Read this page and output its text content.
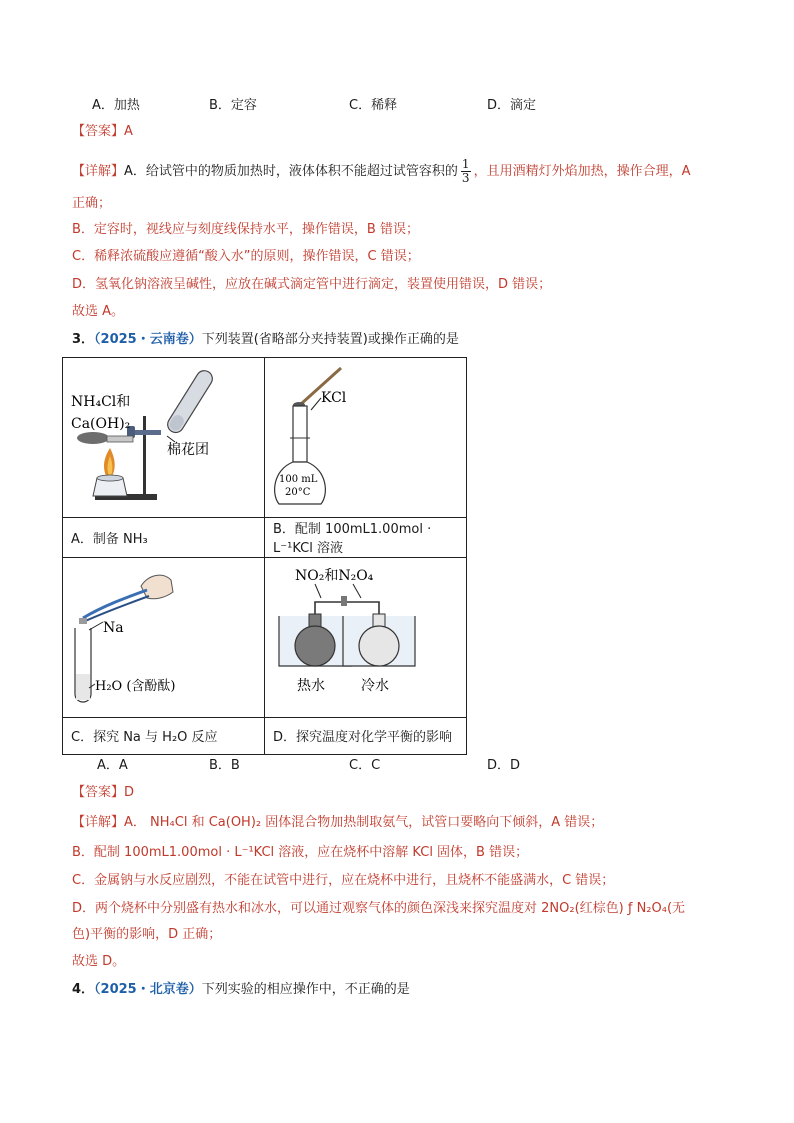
A．加热	B．定容	C．稀释	D．滴定
【答案】A
【详解】A．给试管中的物质加热时，液体体积不能超过试管容积的 $\frac{1}{3}$ ，且用酒精灯外焰加热，操作合理，A
正确；
B．定容时，视线应与刻度线保持水平，操作错误，B 错误；
C．稀释浓硫酸应遵循“酸入水”的原则，操作错误，C 错误；
D．氢氧化钠溶液呈碱性，应放在碱式滴定管中进行滴定，装置使用错误，D 错误；
故选 A。
3．（2025・云南卷）下列装置(省略部分夹持装置)或操作正确的是
NH₄Cl和
Ca(OH)₂
棉花团	KCl
100 mL
20°C

A．制备 NH₃	B．配制 100mL1.00mol · L⁻¹KCl 溶液

Na
H₂O (含酚酞)	NO₂和N₂O₄
热水 冷水

C．探究 Na 与 H₂O 反应	D．探究温度对化学平衡的影响
A．A	B．B	C．C	D．D
【答案】D
【详解】A． NH₄Cl 和 Ca(OH)₂ 固体混合物加热制取氨气，试管口要略向下倾斜，A 错误；
B．配制 100mL1.00mol · L⁻¹KCl 溶液，应在烧杯中溶解 KCl 固体，B 错误；
C．金属钠与水反应剧烈，不能在试管中进行，应在烧杯中进行，且烧杯不能盛满水，C 错误；
D．两个烧杯中分别盛有热水和冰水，可以通过观察气体的颜色深浅来探究温度对 2NO₂(红棕色) ƒ N₂O₄(无
色)平衡的影响，D 正确；
故选 D。
4．（2025・北京卷）下列实验的相应操作中，不正确的是
